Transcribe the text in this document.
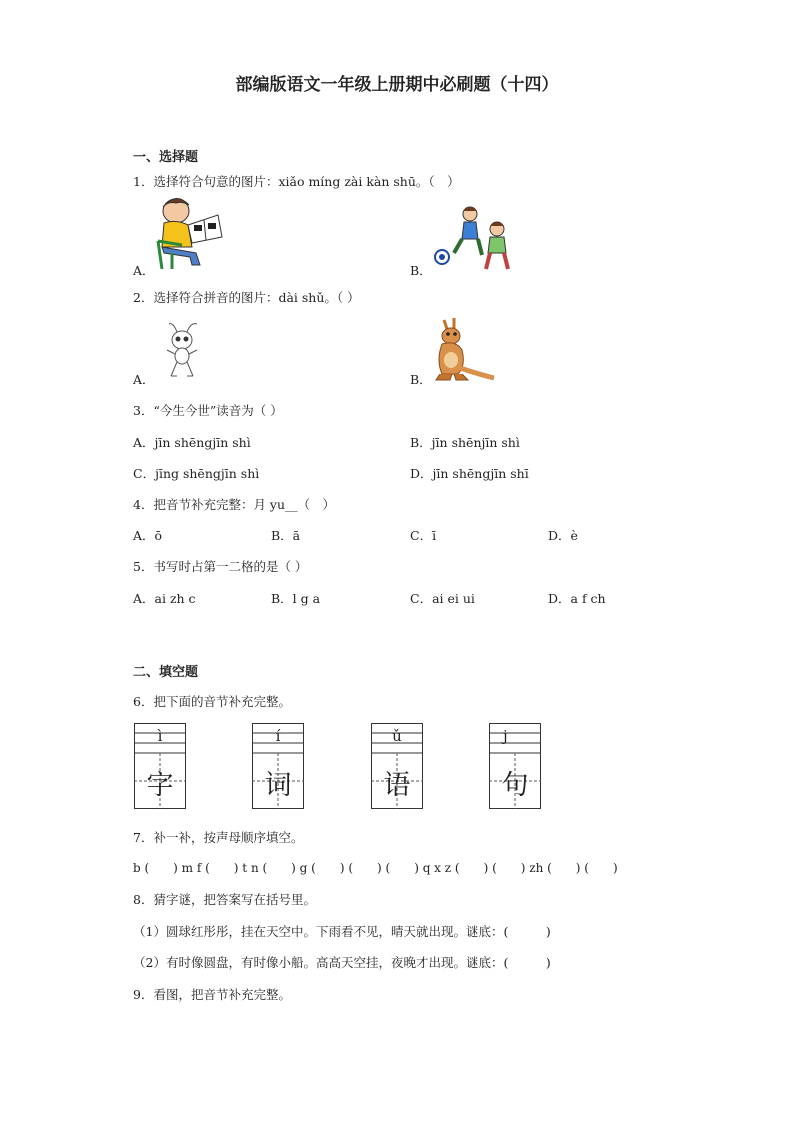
部编版语文一年级上册期中必刷题（十四）
一、选择题
1．选择符合句意的图片：xiǎo míng zài kàn shū。（　）
A．	B．
2．选择符合拼音的图片：dài shǔ。（ ）
A．	B．
3．“今生今世”读音为（ ）
A．jīn shēngjīn shì	B．jīn shēnjīn shì
C．jīng shēngjīn shì	D．jīn shēngjīn shī
4．把音节补充完整：月 yu__（　）
A．ō	B．ā	C．ī	D．è
5．书写时占第一二格的是（ ）
A．ai zh c	B．l g a	C．ai ei ui	D．a f ch
二、填空题
6．把下面的音节补充完整。
ì
字
í
词
ǔ
语
j
句
7．补一补，按声母顺序填空。
b (　　) m f (　　) t n (　　) g (　　) (　　) (　　) q x z (　　) (　　) zh (　　) (　　)
8．猜字谜，把答案写在括号里。
（1）圆球红彤彤，挂在天空中。下雨看不见，晴天就出现。谜底：(　　　)
（2）有时像圆盘，有时像小船。高高天空挂，夜晚才出现。谜底：(　　　)
9．看图，把音节补充完整。
